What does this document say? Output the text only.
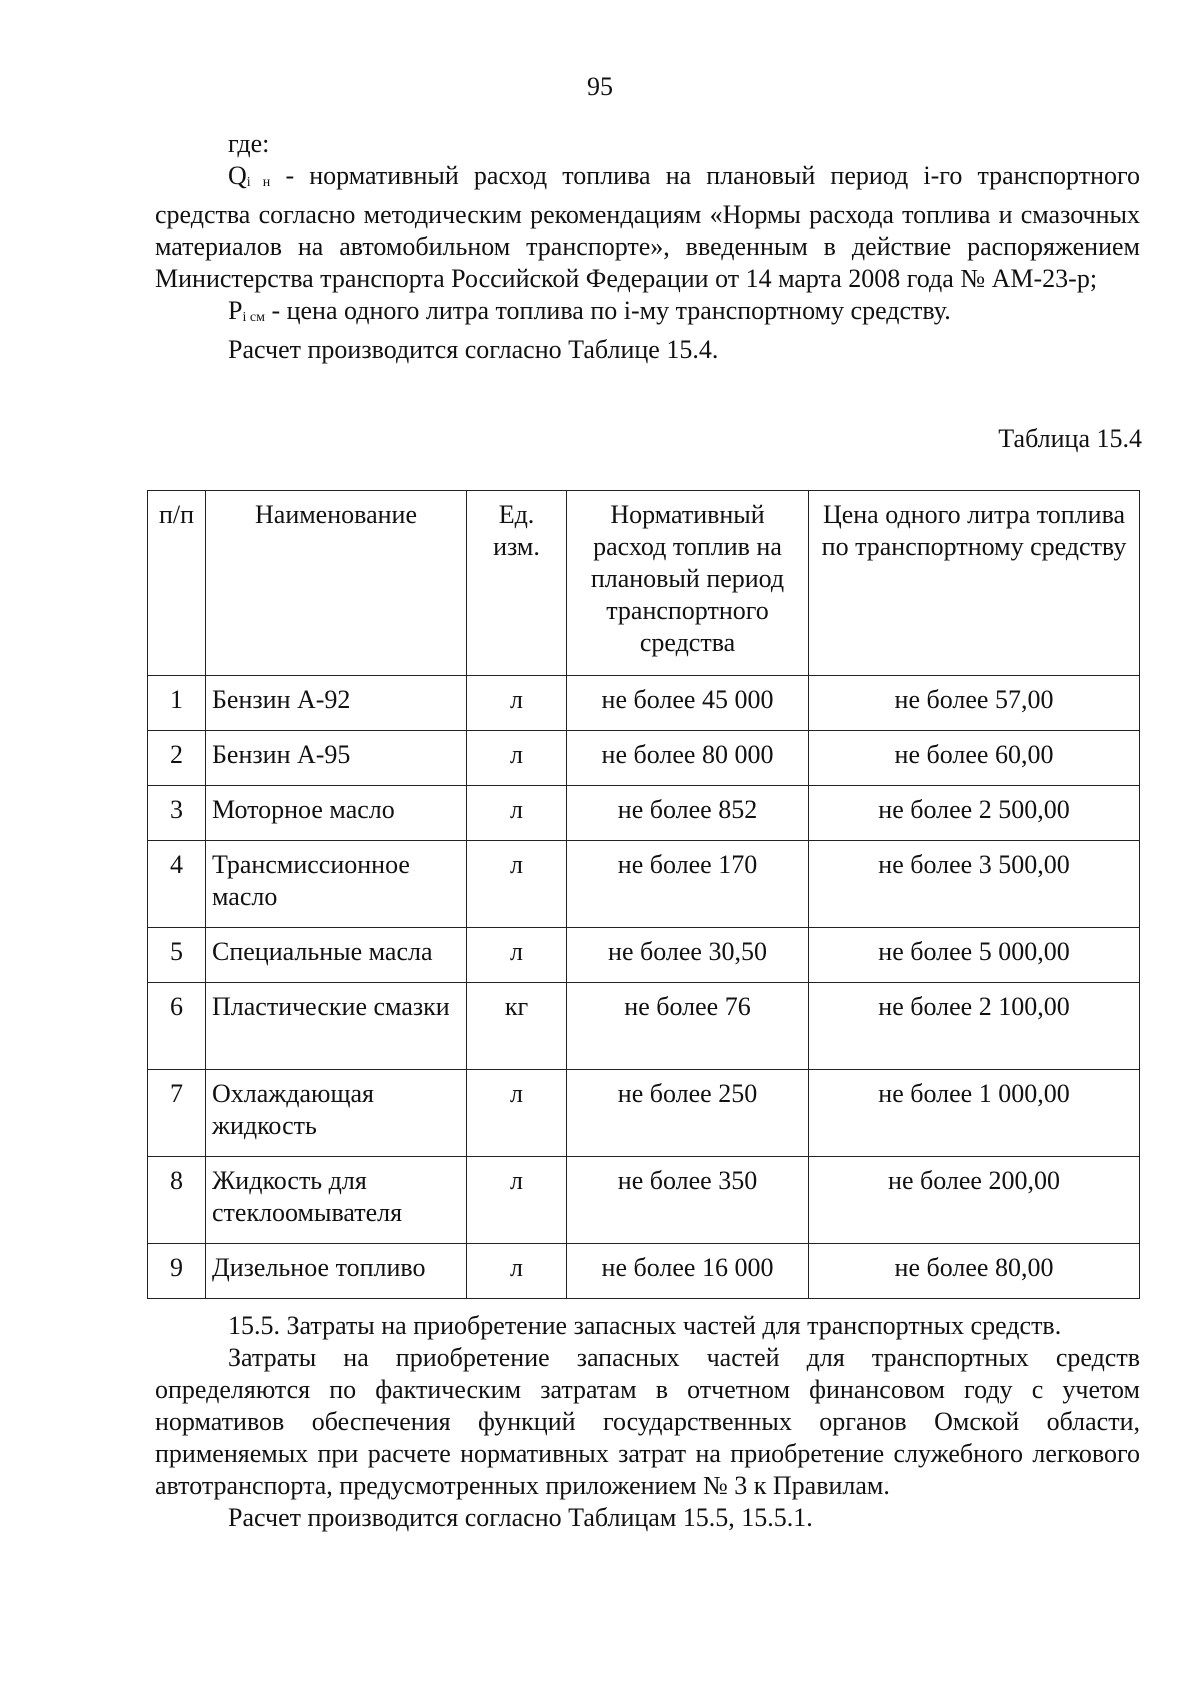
95

где:

$Q_{i н}$ - нормативный расход топлива на плановый период i-го транспортного средства согласно методическим рекомендациям «Нормы расхода топлива и смазочных материалов на автомобильном транспорте», введенным в действие распоряжением Министерства транспорта Российской Федерации от 14 марта 2008 года № АМ-23-р;

$P_{i см}$ - цена одного литра топлива по i-му транспортному средству.

Расчет производится согласно Таблице 15.4.

Таблица 15.4
п/п	Наименование	Ед. изм.	Нормативный расход топлив на плановый период транспортного средства	Цена одного литра топлива по транспортному средству
1	Бензин А-92	л	не более 45 000	не более 57,00
2	Бензин А-95	л	не более 80 000	не более 60,00
3	Моторное масло	л	не более 852	не более 2 500,00
4	Трансмиссионное масло	л	не более 170	не более 3 500,00
5	Специальные масла	л	не более 30,50	не более 5 000,00
6	Пластические смазки	кг	не более 76	не более 2 100,00
7	Охлаждающая жидкость	л	не более 250	не более 1 000,00
8	Жидкость для стеклоомывателя	л	не более 350	не более 200,00
9	Дизельное топливо	л	не более 16 000	не более 80,00

15.5. Затраты на приобретение запасных частей для транспортных средств.

Затраты на приобретение запасных частей для транспортных средств определяются по фактическим затратам в отчетном финансовом году с учетом нормативов обеспечения функций государственных органов Омской области, применяемых при расчете нормативных затрат на приобретение служебного легкового автотранспорта, предусмотренных приложением № 3 к Правилам.

Расчет производится согласно Таблицам 15.5, 15.5.1.
